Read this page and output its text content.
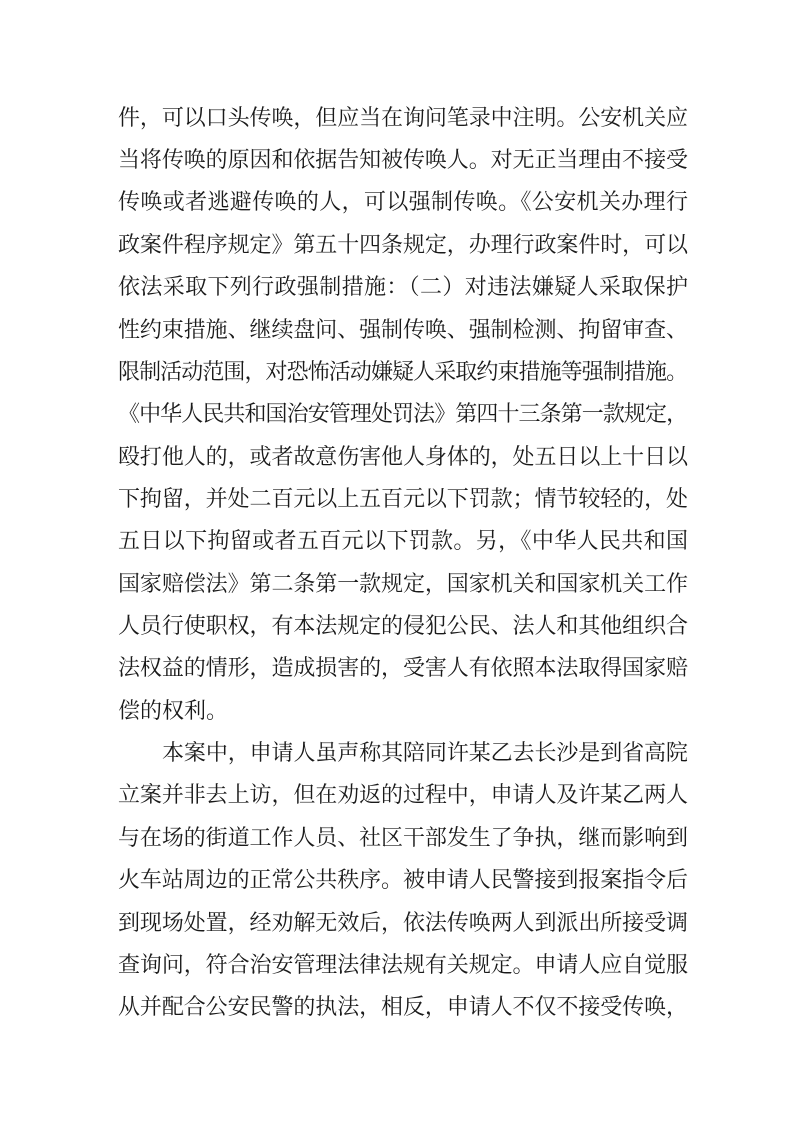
件，可以口头传唤，但应当在询问笔录中注明。公安机关应
当将传唤的原因和依据告知被传唤人。对无正当理由不接受
传唤或者逃避传唤的人，可以强制传唤。《公安机关办理行
政案件程序规定》第五十四条规定，办理行政案件时，可以
依法采取下列行政强制措施：（二）对违法嫌疑人采取保护
性约束措施、继续盘问、强制传唤、强制检测、拘留审查、
限制活动范围，对恐怖活动嫌疑人采取约束措施等强制措施。
《中华人民共和国治安管理处罚法》第四十三条第一款规定，
殴打他人的，或者故意伤害他人身体的，处五日以上十日以
下拘留，并处二百元以上五百元以下罚款；情节较轻的，处
五日以下拘留或者五百元以下罚款。另，《中华人民共和国
国家赔偿法》第二条第一款规定，国家机关和国家机关工作
人员行使职权，有本法规定的侵犯公民、法人和其他组织合
法权益的情形，造成损害的，受害人有依照本法取得国家赔
偿的权利。
本案中，申请人虽声称其陪同许某乙去长沙是到省高院
立案并非去上访，但在劝返的过程中，申请人及许某乙两人
与在场的街道工作人员、社区干部发生了争执，继而影响到
火车站周边的正常公共秩序。被申请人民警接到报案指令后
到现场处置，经劝解无效后，依法传唤两人到派出所接受调
查询问，符合治安管理法律法规有关规定。申请人应自觉服
从并配合公安民警的执法，相反，申请人不仅不接受传唤，
